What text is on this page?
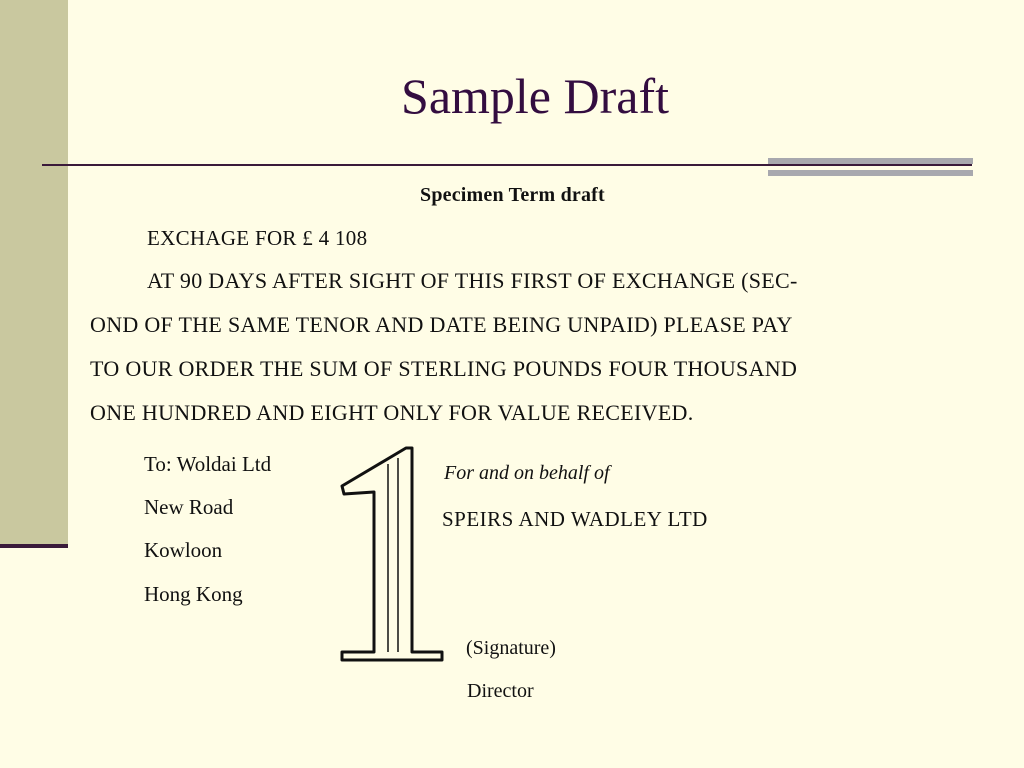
Sample Draft
Specimen Term draft
EXCHAGE FOR £ 4 108
AT 90 DAYS AFTER SIGHT OF THIS FIRST OF EXCHANGE (SEC-
OND OF THE SAME TENOR AND DATE BEING UNPAID) PLEASE PAY
TO OUR ORDER THE SUM OF STERLING POUNDS FOUR THOUSAND
ONE HUNDRED AND EIGHT ONLY FOR VALUE RECEIVED.
To: Woldai Ltd
New Road
Kowloon
Hong Kong
1
For and on behalf of
SPEIRS AND WADLEY LTD
(Signature)
Director
